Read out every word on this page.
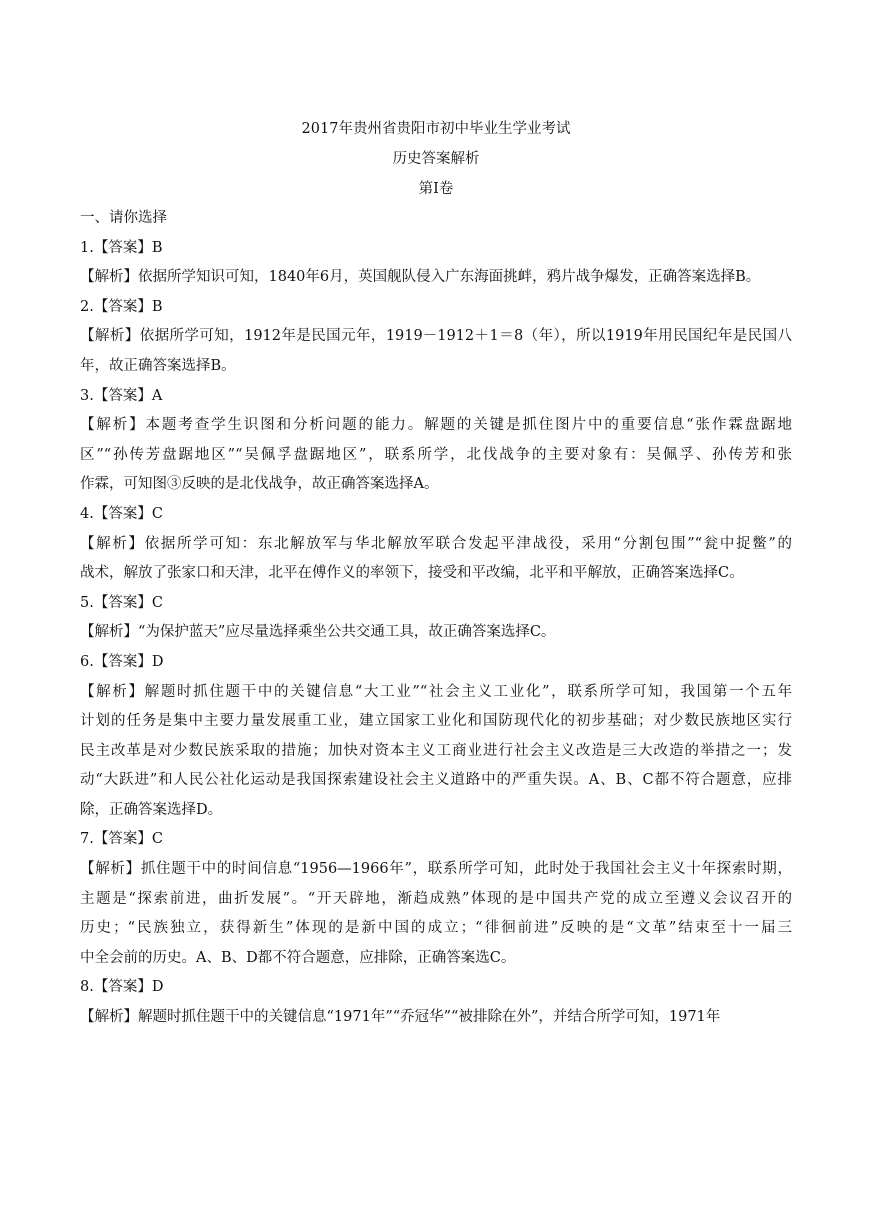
2017年贵州省贵阳市初中毕业生学业考试
历史答案解析
第Ⅰ卷
一、请你选择
1.【答案】B
【解析】依据所学知识可知，1840年6月，英国舰队侵入广东海面挑衅，鸦片战争爆发，正确答案选择B。
2.【答案】B
【解析】依据所学可知，1912年是民国元年，1919－1912＋1＝8（年），所以1919年用民国纪年是民国八
年，故正确答案选择B。
3.【答案】A
【解析】本题考查学生识图和分析问题的能力。解题的关键是抓住图片中的重要信息“张作霖盘踞地
区”“孙传芳盘踞地区”“吴佩孚盘踞地区”，联系所学，北伐战争的主要对象有：吴佩孚、孙传芳和张
作霖，可知图③反映的是北伐战争，故正确答案选择A。
4.【答案】C
【解析】依据所学可知：东北解放军与华北解放军联合发起平津战役，采用“分割包围”“瓮中捉鳖”的
战术，解放了张家口和天津，北平在傅作义的率领下，接受和平改编，北平和平解放，正确答案选择C。
5.【答案】C
【解析】“为保护蓝天”应尽量选择乘坐公共交通工具，故正确答案选择C。
6.【答案】D
【解析】解题时抓住题干中的关键信息“大工业”“社会主义工业化”，联系所学可知，我国第一个五年
计划的任务是集中主要力量发展重工业，建立国家工业化和国防现代化的初步基础；对少数民族地区实行
民主改革是对少数民族采取的措施；加快对资本主义工商业进行社会主义改造是三大改造的举措之一；发
动“大跃进”和人民公社化运动是我国探索建设社会主义道路中的严重失误。A、B、C都不符合题意，应排
除，正确答案选择D。
7.【答案】C
【解析】抓住题干中的时间信息“1956—1966年”，联系所学可知，此时处于我国社会主义十年探索时期，
主题是“探索前进，曲折发展”。“开天辟地，渐趋成熟”体现的是中国共产党的成立至遵义会议召开的
历史；“民族独立，获得新生”体现的是新中国的成立；“徘徊前进”反映的是“文革”结束至十一届三
中全会前的历史。A、B、D都不符合题意，应排除，正确答案选C。
8.【答案】D
【解析】解题时抓住题干中的关键信息“1971年”“乔冠华”“被排除在外”，并结合所学可知，1971年
